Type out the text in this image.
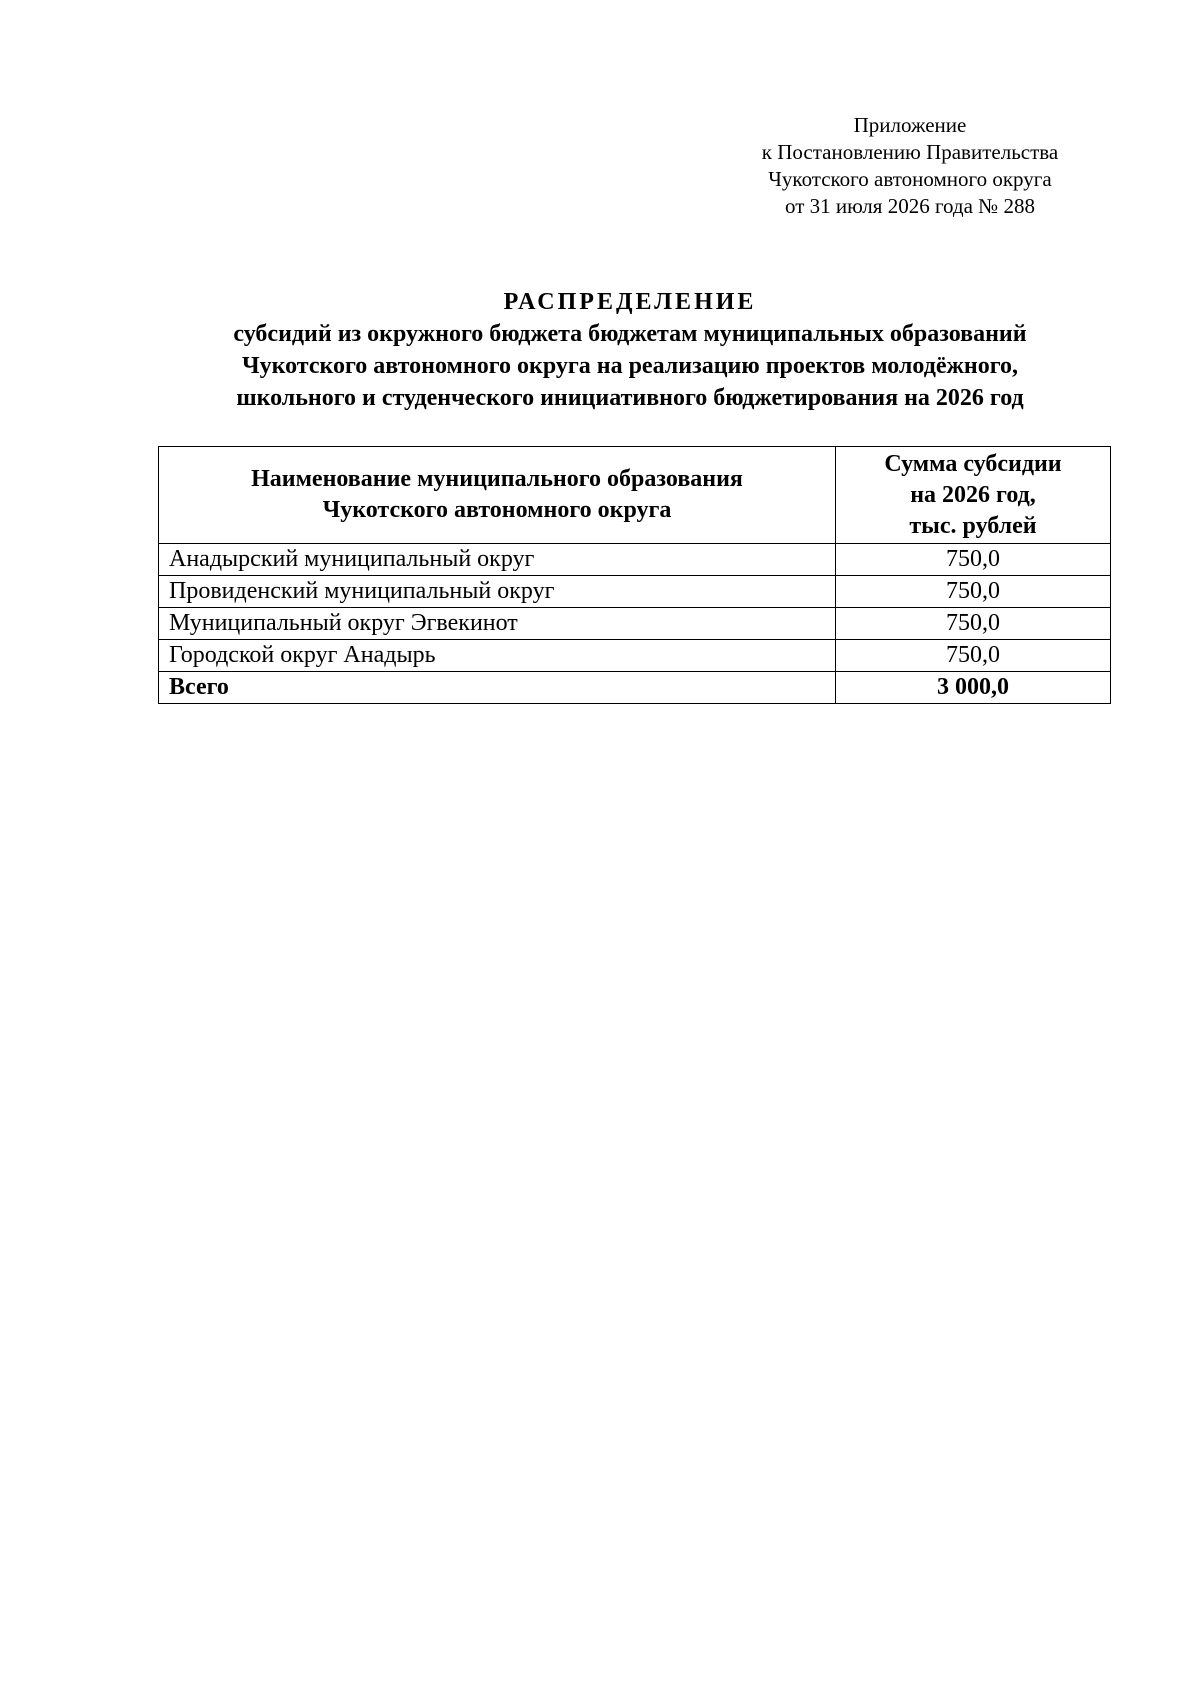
Приложение
к Постановлению Правительства
Чукотского автономного округа
от 31 июля 2026 года № 288
РАСПРЕДЕЛЕНИЕ
субсидий из окружного бюджета бюджетам муниципальных образований
Чукотского автономного округа на реализацию проектов молодёжного,
школьного и студенческого инициативного бюджетирования на 2026 год
Наименование муниципального образования
Чукотского автономного округа	Сумма субсидии
на 2026 год,
тыс. рублей

Анадырский муниципальный округ	750,0
Провиденский муниципальный округ	750,0
Муниципальный округ Эгвекинот	750,0
Городской округ Анадырь	750,0
Всего	3 000,0
